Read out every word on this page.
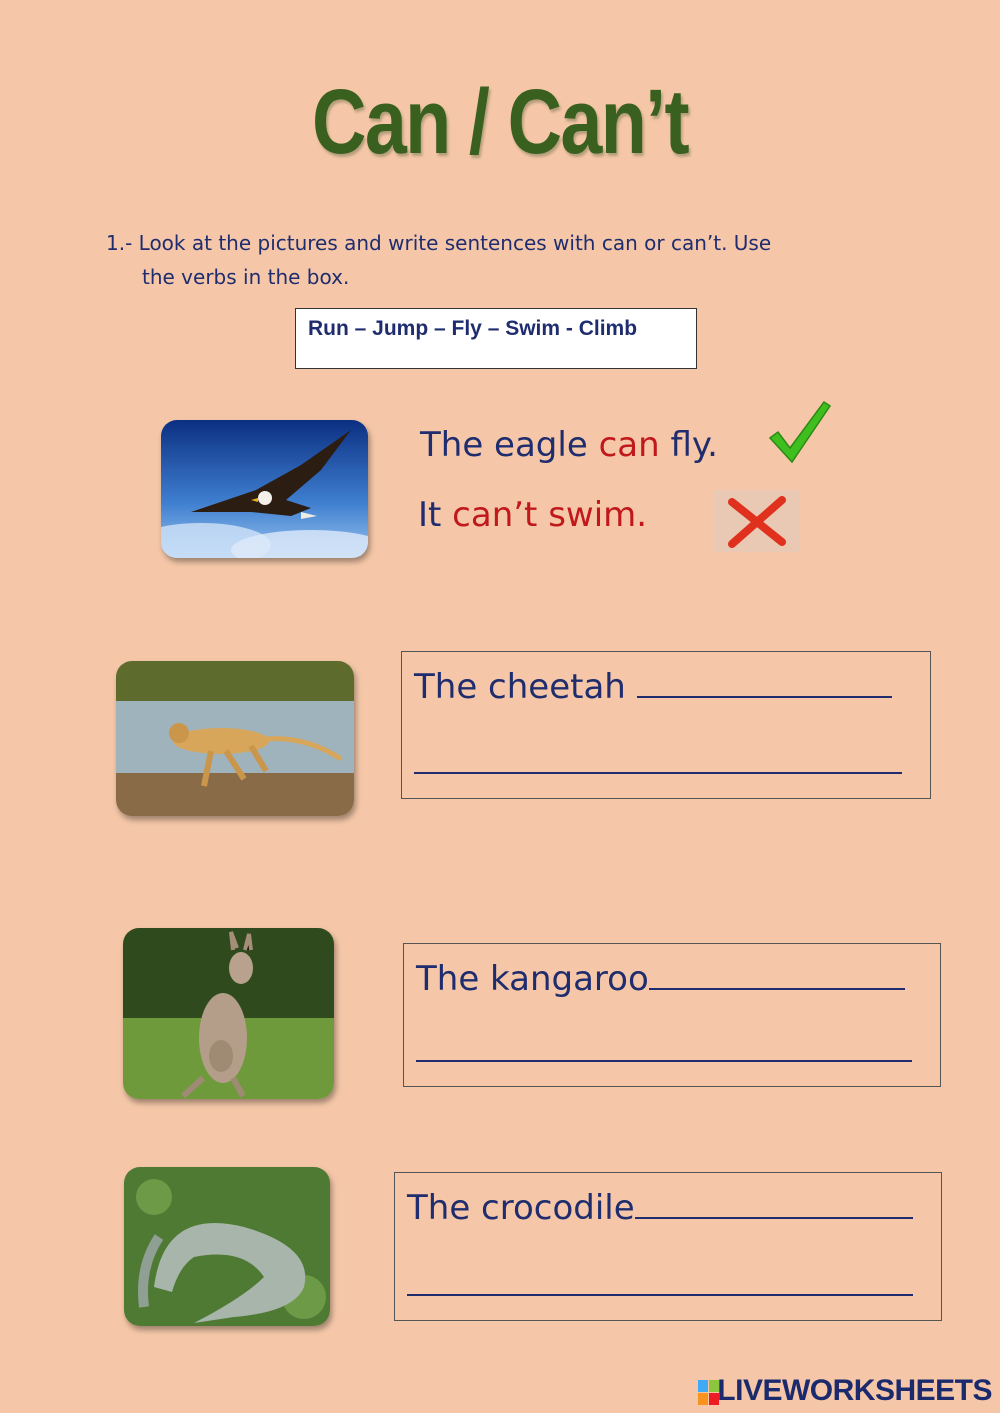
Can / Can’t
1.- Look at the pictures and write sentences with can or can’t. Use
the verbs in the box.
Run – Jump – Fly – Swim - Climb
The eagle can fly.
It can’t swim.
The cheetah
The kangaroo
The crocodile
LIVEWORKSHEETS
